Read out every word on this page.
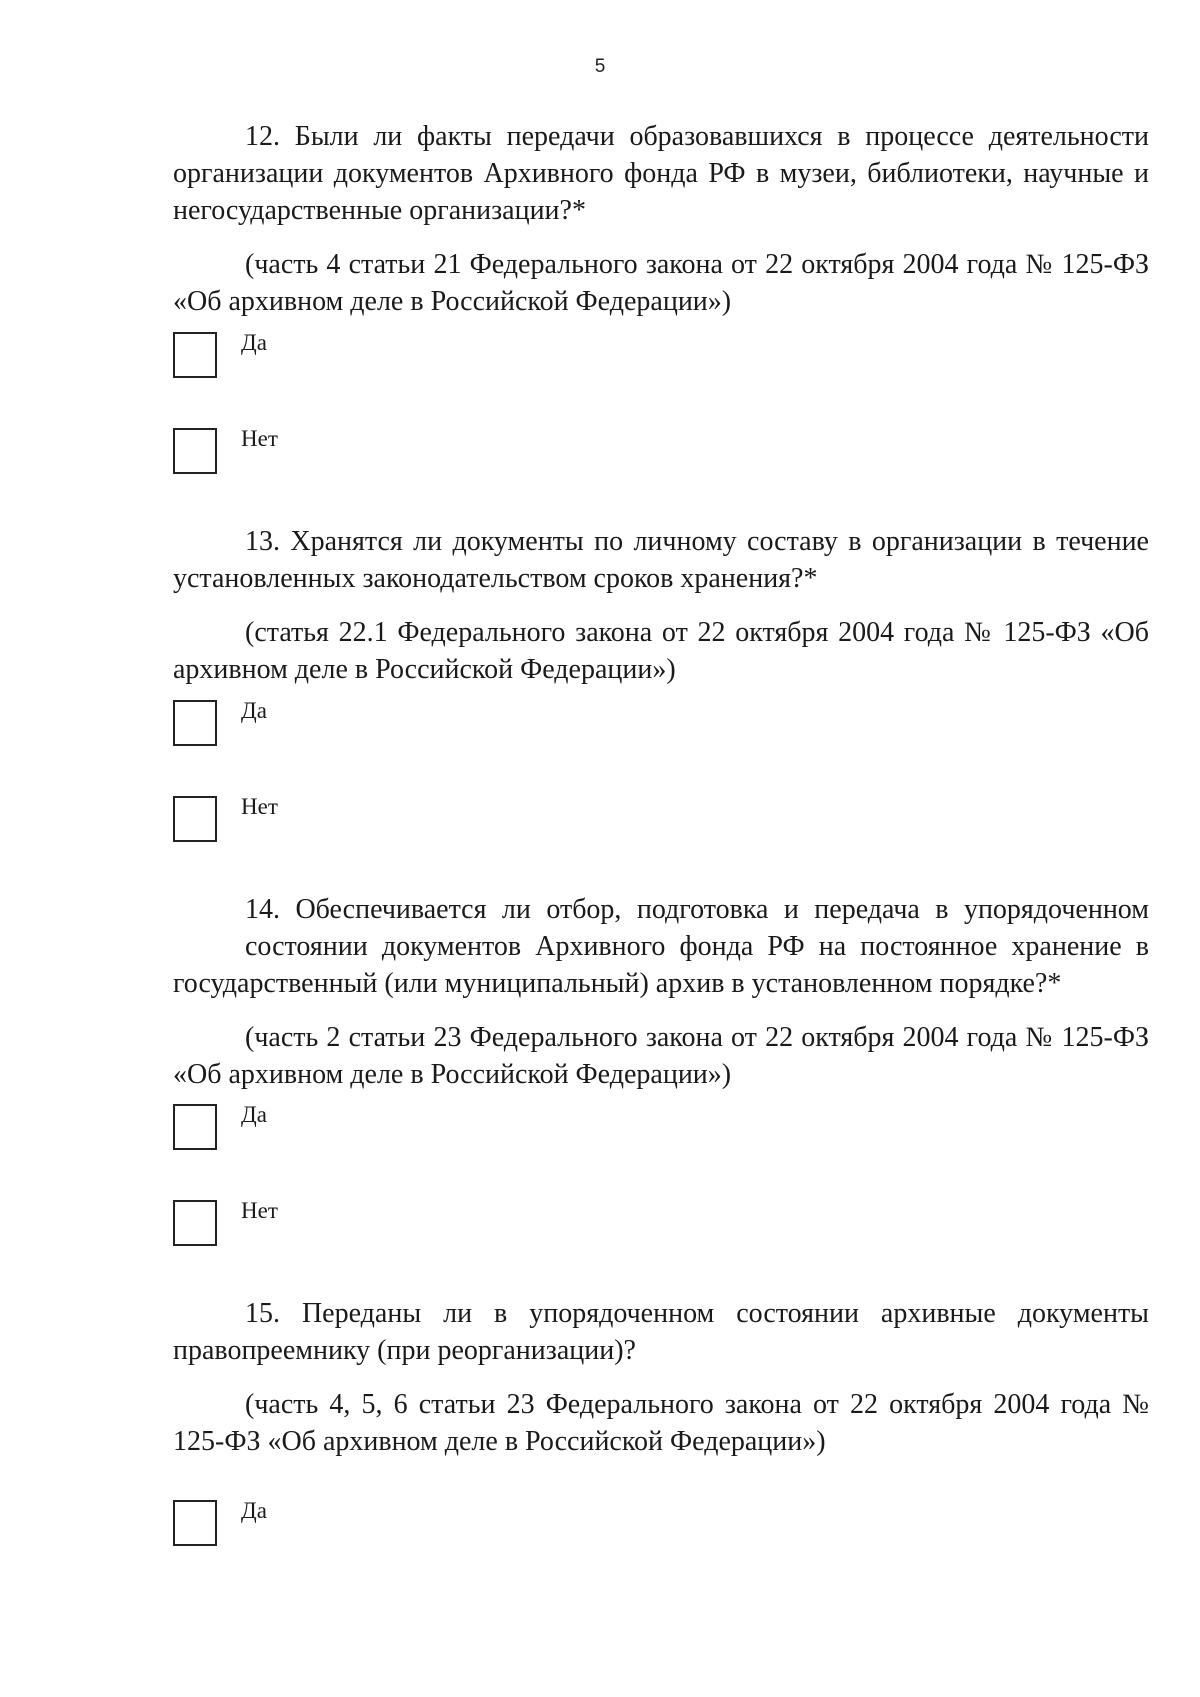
5

12. Были ли факты передачи образовавшихся в процессе деятельности организации документов Архивного фонда РФ в музеи, библиотеки, научные и негосударственные организации?*

(часть 4 статьи 21 Федерального закона от 22 октября 2004 года № 125-ФЗ «Об архивном деле в Российской Федерации»)

Да
Нет

13. Хранятся ли документы по личному составу в организации в течение установленных законодательством сроков хранения?*

(статья 22.1 Федерального закона от 22 октября 2004 года № 125-ФЗ «Об архивном деле в Российской Федерации»)

Да
Нет

14. Обеспечивается ли отбор, подготовка и передача в упорядоченном

состоянии документов Архивного фонда РФ на постоянное хранение в

государственный (или муниципальный) архив в установленном порядке?*

(часть 2 статьи 23 Федерального закона от 22 октября 2004 года № 125-ФЗ «Об архивном деле в Российской Федерации»)

Да
Нет

15. Переданы ли в упорядоченном состоянии архивные документы правопреемнику (при реорганизации)?

(часть 4, 5, 6 статьи 23 Федерального закона от 22 октября 2004 года № 125-ФЗ «Об архивном деле в Российской Федерации»)

Да
